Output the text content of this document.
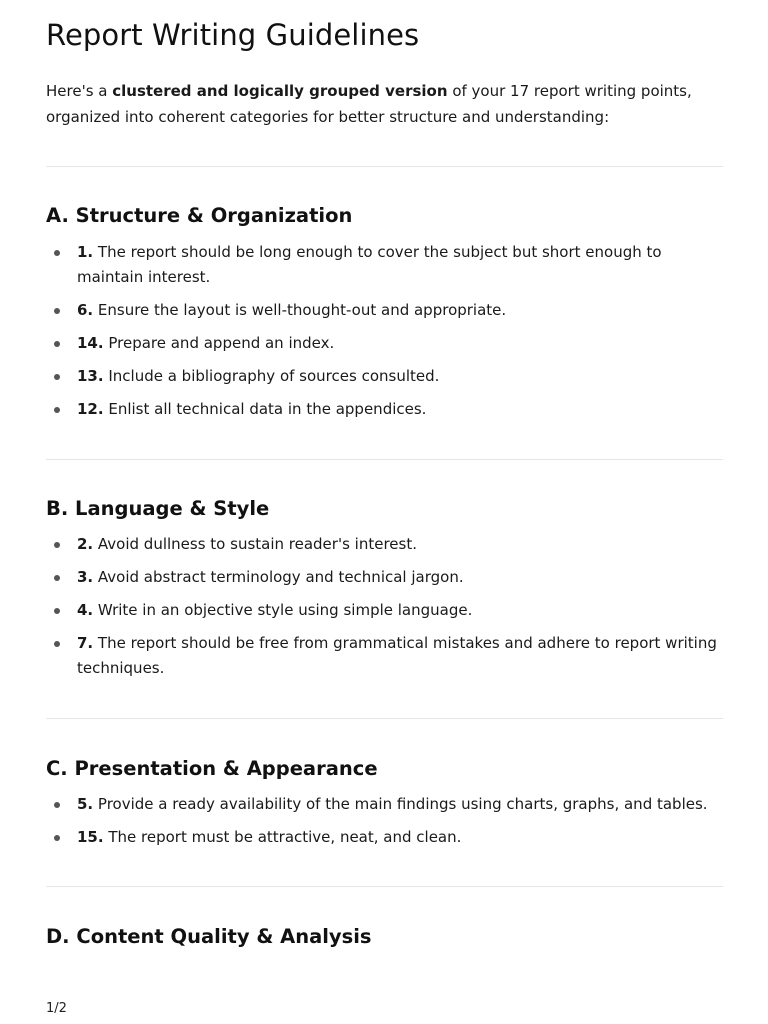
Report Writing Guidelines

Here's a clustered and logically grouped version of your 17 report writing points, organized into coherent categories for better structure and understanding:

A. Structure & Organization
1. The report should be long enough to cover the subject but short enough to maintain interest.
6. Ensure the layout is well-thought-out and appropriate.
14. Prepare and append an index.
13. Include a bibliography of sources consulted.
12. Enlist all technical data in the appendices.
B. Language & Style
2. Avoid dullness to sustain reader's interest.
3. Avoid abstract terminology and technical jargon.
4. Write in an objective style using simple language.
7. The report should be free from grammatical mistakes and adhere to report writing techniques.
C. Presentation & Appearance
5. Provide a ready availability of the main findings using charts, graphs, and tables.
15. The report must be attractive, neat, and clean.
D. Content Quality & Analysis
1/2
